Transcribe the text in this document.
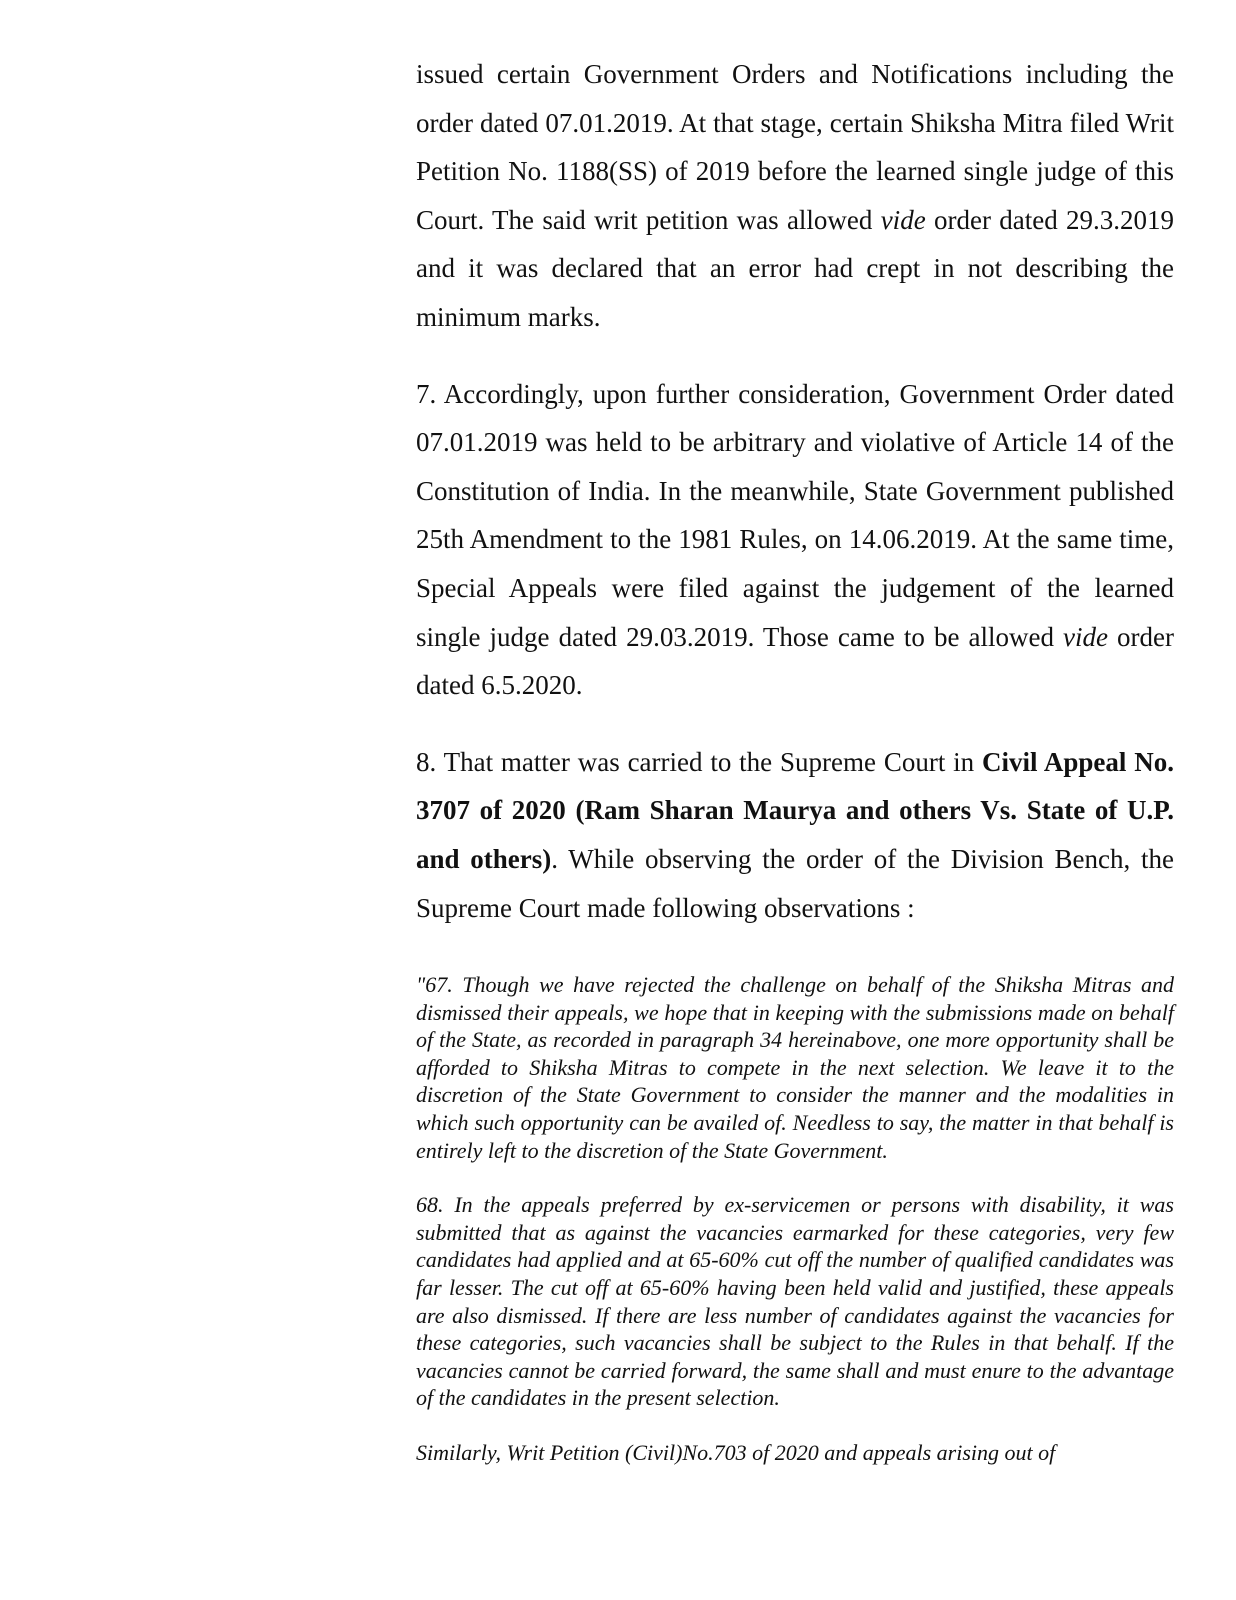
issued certain Government Orders and Notifications including the order dated 07.01.2019. At that stage, certain Shiksha Mitra filed Writ Petition No. 1188(SS) of 2019 before the learned single judge of this Court. The said writ petition was allowed vide order dated 29.3.2019 and it was declared that an error had crept in not describing the minimum marks.

7. Accordingly, upon further consideration, Government Order dated 07.01.2019 was held to be arbitrary and violative of Article 14 of the Constitution of India. In the meanwhile, State Government published 25th Amendment to the 1981 Rules, on 14.06.2019. At the same time, Special Appeals were filed against the judgement of the learned single judge dated 29.03.2019. Those came to be allowed vide order dated 6.5.2020.

8. That matter was carried to the Supreme Court in Civil Appeal No. 3707 of 2020 (Ram Sharan Maurya and others Vs. State of U.P. and others). While observing the order of the Division Bench, the Supreme Court made following observations :

"67. Though we have rejected the challenge on behalf of the Shiksha Mitras and dismissed their appeals, we hope that in keeping with the submissions made on behalf of the State, as recorded in paragraph 34 hereinabove, one more opportunity shall be afforded to Shiksha Mitras to compete in the next selection. We leave it to the discretion of the State Government to consider the manner and the modalities in which such opportunity can be availed of. Needless to say, the matter in that behalf is entirely left to the discretion of the State Government.

68. In the appeals preferred by ex-servicemen or persons with disability, it was submitted that as against the vacancies earmarked for these categories, very few candidates had applied and at 65-60% cut off the number of qualified candidates was far lesser. The cut off at 65-60% having been held valid and justified, these appeals are also dismissed. If there are less number of candidates against the vacancies for these categories, such vacancies shall be subject to the Rules in that behalf. If the vacancies cannot be carried forward, the same shall and must enure to the advantage of the candidates in the present selection.

Similarly, Writ Petition (Civil)No.703 of 2020 and appeals arising out of
